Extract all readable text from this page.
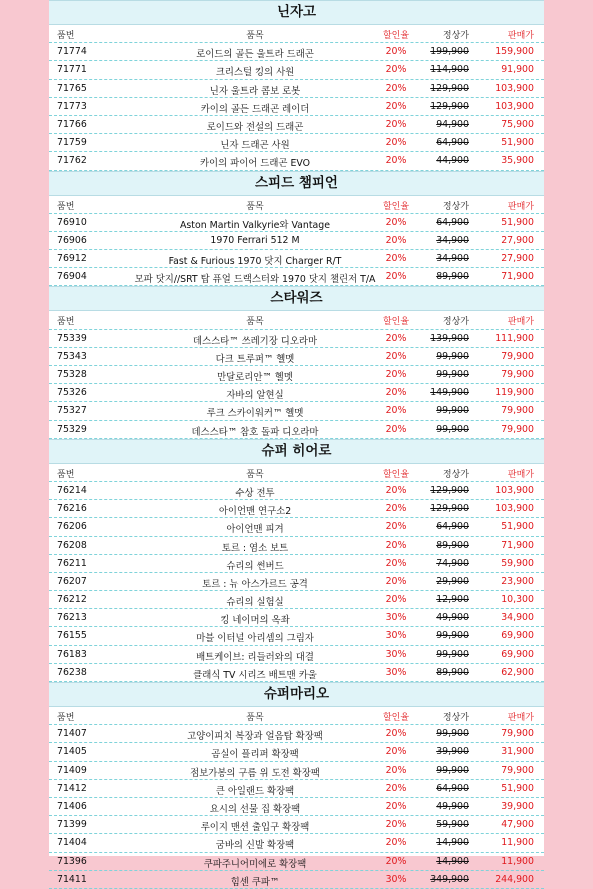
닌자고
품번	품목	할인율	정상가	판매가
71774	로이드의 골든 울트라 드래곤	20%	199,900	159,900
71771	크리스털 킹의 사원	20%	114,900	91,900
71765	닌자 울트라 콤보 로봇	20%	129,900	103,900
71773	카이의 골든 드래곤 레이더	20%	129,900	103,900
71766	로이드와 전설의 드래곤	20%	94,900	75,900
71759	닌자 드래곤 사원	20%	64,900	51,900
71762	카이의 파이어 드래곤 EVO	20%	44,900	35,900
스피드 챔피언
품번	품목	할인율	정상가	판매가
76910	Aston Martin Valkyrie와 Vantage	20%	64,900	51,900
76906	1970 Ferrari 512 M	20%	34,900	27,900
76912	Fast & Furious 1970 닷지 Charger R/T	20%	34,900	27,900
76904	모파 닷지//SRT 탑 퓨얼 드랙스터와 1970 닷지 챌린저 T/A	20%	89,900	71,900
스타워즈
품번	품목	할인율	정상가	판매가
75339	데스스타™ 쓰레기장 디오라마	20%	139,900	111,900
75343	다크 트루퍼™ 헬멧	20%	99,900	79,900
75328	만달로리안™ 헬멧	20%	99,900	79,900
75326	자바의 알현실	20%	149,900	119,900
75327	루크 스카이워커™ 헬멧	20%	99,900	79,900
75329	데스스타™ 참호 돌파 디오라마	20%	99,900	79,900
슈퍼 히어로
품번	품목	할인율	정상가	판매가
76214	수상 전투	20%	129,900	103,900
76216	아이언맨 연구소2	20%	129,900	103,900
76206	아이언맨 피겨	20%	64,900	51,900
76208	토르 : 염소 보트	20%	89,900	71,900
76211	슈리의 썬버드	20%	74,900	59,900
76207	토르 : 뉴 아스가르드 공격	20%	29,900	23,900
76212	슈리의 실험실	20%	12,900	10,300
76213	킹 네이머의 옥좌	30%	49,900	34,900
76155	마블 이터널 아리셈의 그림자	30%	99,900	69,900
76183	배트케이브: 리들러와의 대결	30%	99,900	69,900
76238	클래식 TV 시리즈 배트맨 카울	30%	89,900	62,900
슈퍼마리오
품번	품목	할인율	정상가	판매가
71407	고양이피치 복장과 얼음탑 확장팩	20%	99,900	79,900
71405	곰실이 플리퍼 확장팩	20%	39,900	31,900
71409	점보가봉의 구름 위 도전 확장팩	20%	99,900	79,900
71412	큰 아일랜드 확장팩	20%	64,900	51,900
71406	요시의 선물 집 확장팩	20%	49,900	39,900
71399	루이지 맨션 출입구 확장팩	20%	59,900	47,900
71404	굼바의 신발 확장팩	20%	14,900	11,900
71396	쿠파주니어미에로 확장팩	20%	14,900	11,900
71411	힘센 쿠파™	30%	349,900	244,900
